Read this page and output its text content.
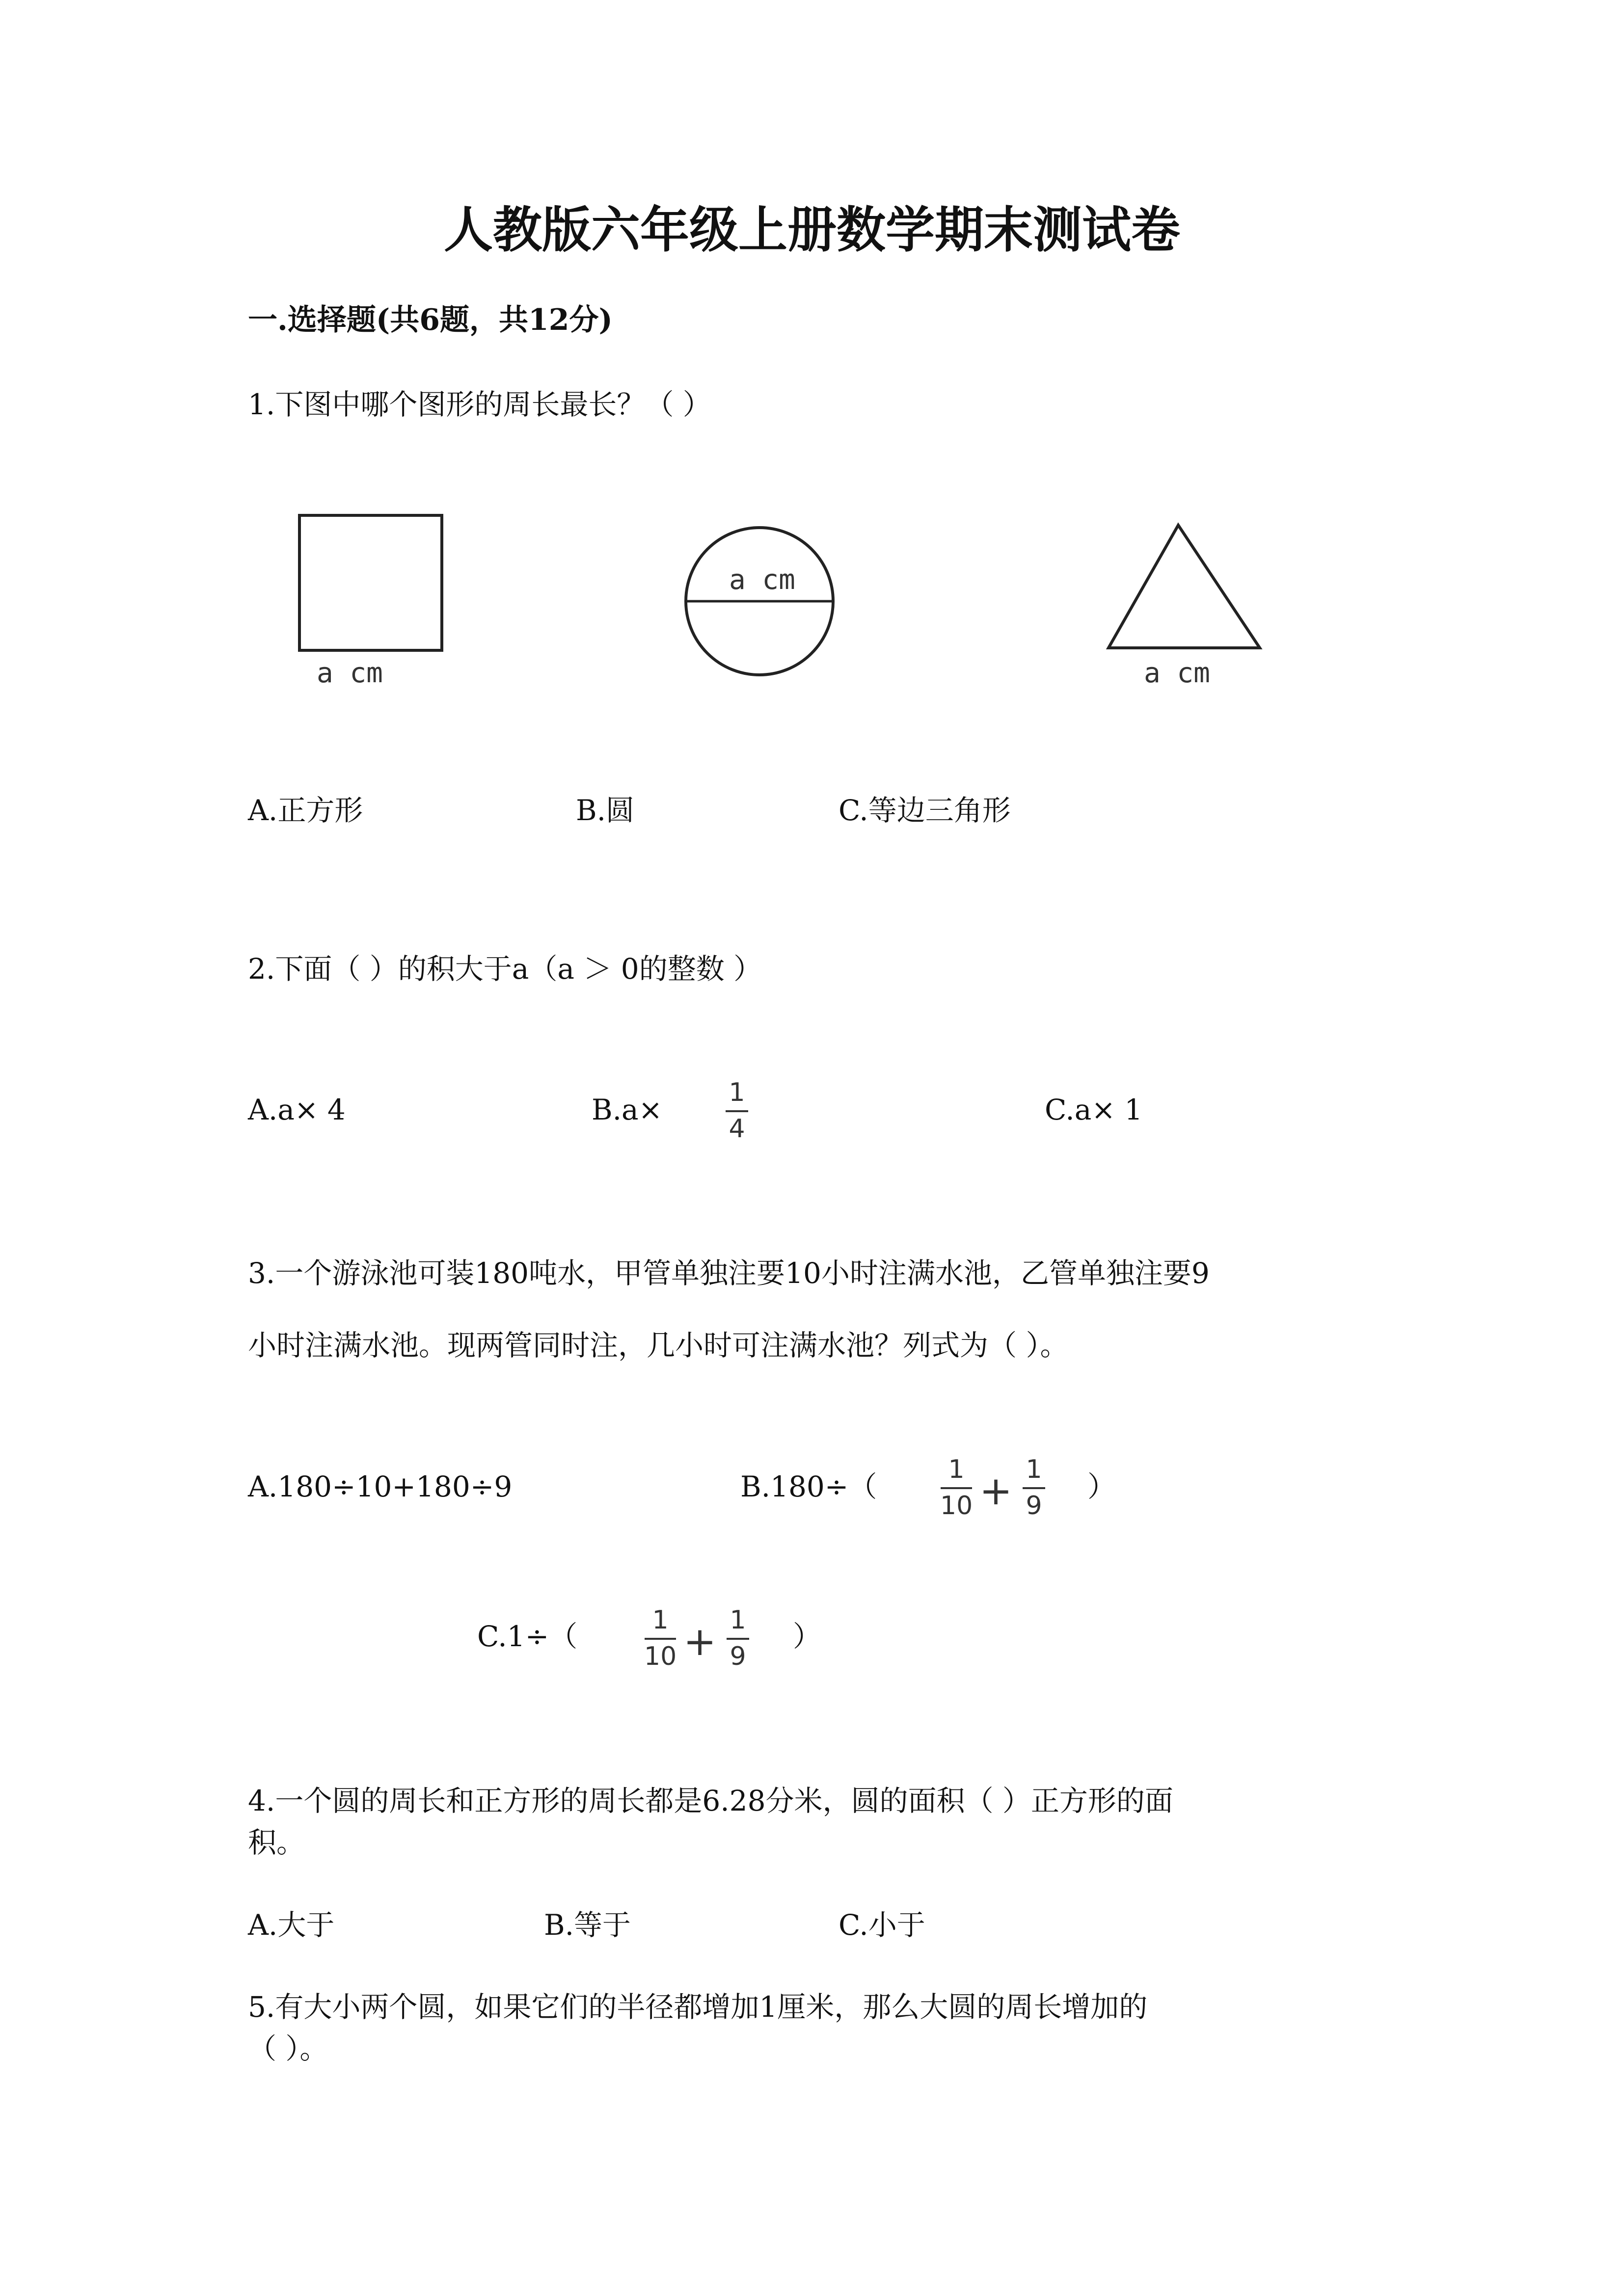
人教版六年级上册数学期末测试卷
一.选择题(共6题，共12分)
1.下图中哪个图形的周长最长？（ ）
a cm
a cm
a cm
A.正方形	B.圆	C.等边三角形
2.下面（ ）的积大于a（a ＞ 0的整数 ）
A.a× 4	B.a×
1
4
C.a× 1
3.一个游泳池可装180吨水，甲管单独注要10小时注满水池，乙管单独注要9
小时注满水池。现两管同时注，几小时可注满水池？列式为（ ）。
A.180÷10+180÷9	B.180÷（
1
10 + 1
9
）
C.1÷（	1
10 + 1
9
）
4.一个圆的周长和正方形的周长都是6.28分米，圆的面积（ ）正方形的面
积。
A.大于	B.等于	C.小于
5.有大小两个圆，如果它们的半径都增加1厘米，那么大圆的周长增加的
（ ）。
